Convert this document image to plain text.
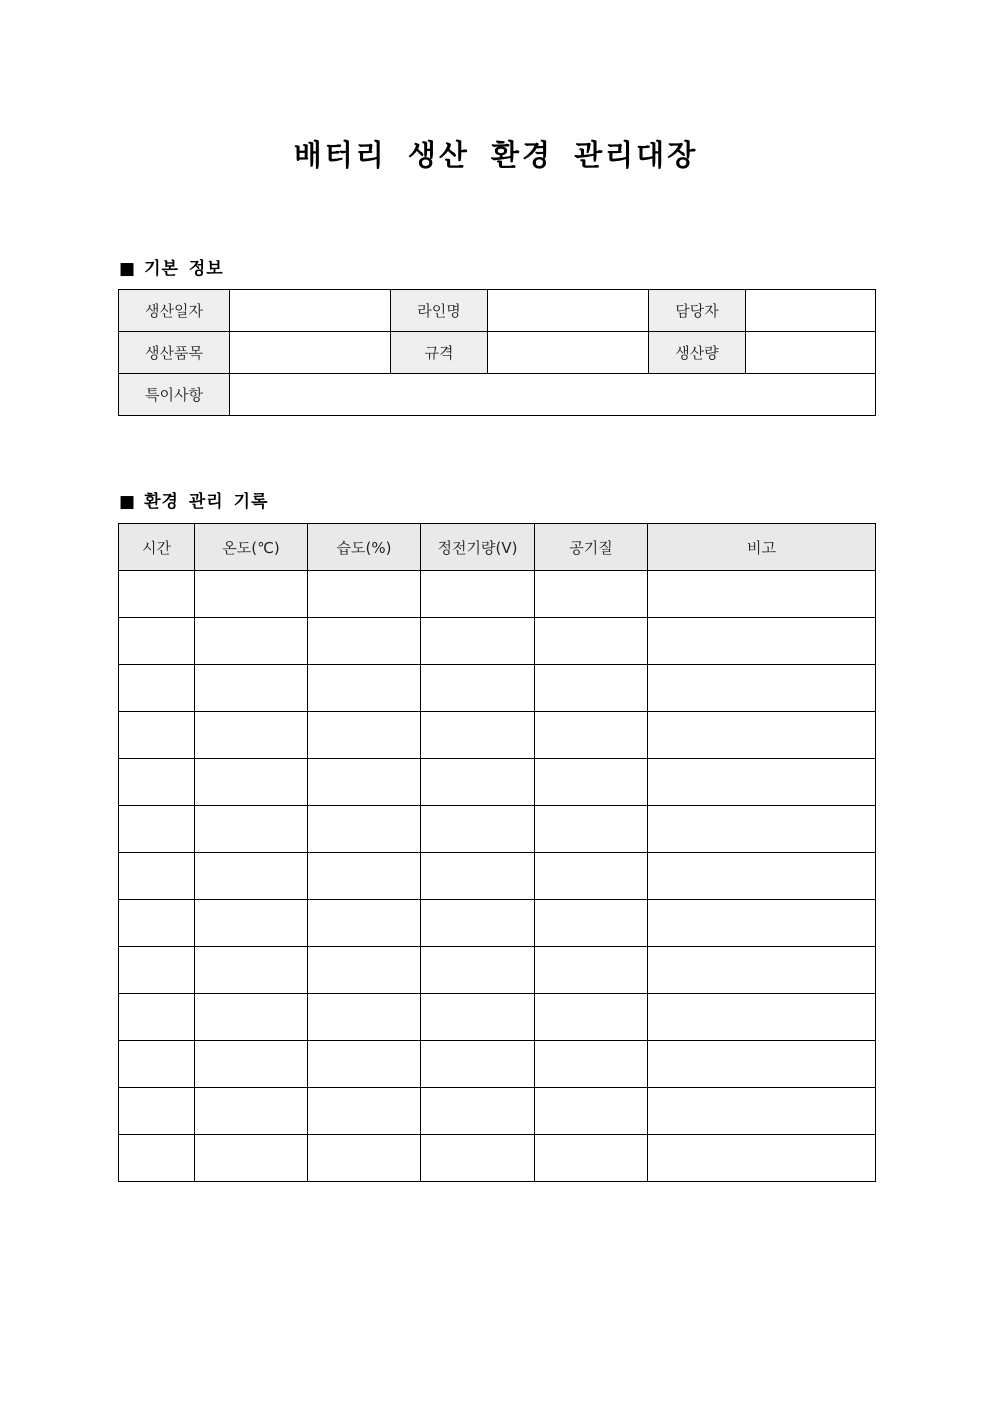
배터리 생산 환경 관리대장
■ 기본 정보
생산일자		라인명		담당자	
생산품목		규격		생산량	
특이사항					
■ 환경 관리 기록
시간	온도(℃)	습도(%)	정전기량(V)	공기질	비고
